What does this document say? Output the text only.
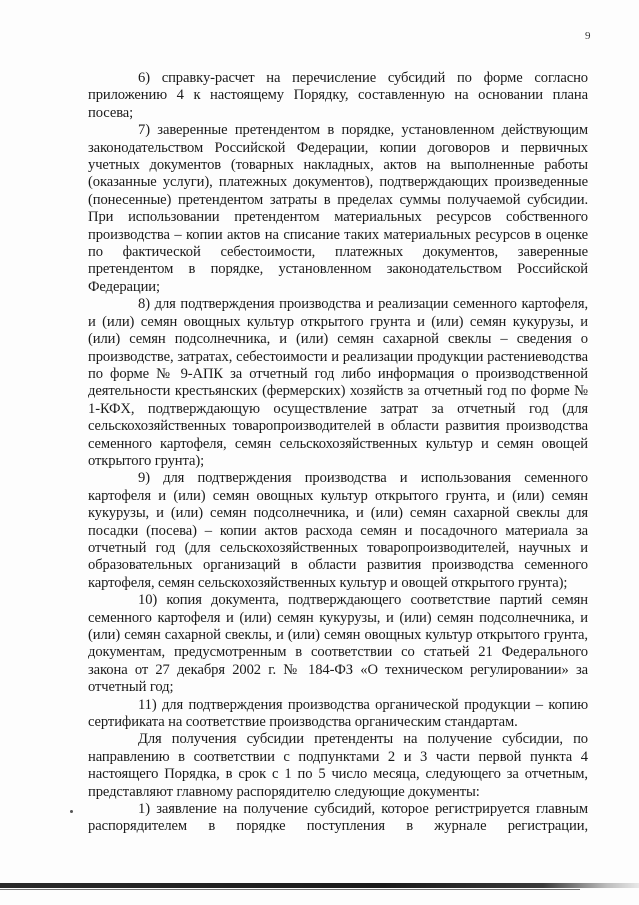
9

6) справку-расчет на перечисление субсидий по форме согласно приложению 4 к настоящему Порядку, составленную на основании плана посева;

7) заверенные претендентом в порядке, установленном действующим законодательством Российской Федерации, копии договоров и первичных учетных документов (товарных накладных, актов на выполненные работы (оказанные услуги), платежных документов), подтверждающих произведенные (понесенные) претендентом затраты в пределах суммы получаемой субсидии. При использовании претендентом материальных ресурсов собственного производства – копии актов на списание таких материальных ресурсов в оценке по фактической себестоимости, платежных документов, заверенные претендентом в порядке, установленном законодательством Российской Федерации;

8) для подтверждения производства и реализации семенного картофеля, и (или) семян овощных культур открытого грунта и (или) семян кукурузы, и (или) семян подсолнечника, и (или) семян сахарной свеклы – сведения о производстве, затратах, себестоимости и реализации продукции растениеводства по форме № 9-АПК за отчетный год либо информация о производственной деятельности крестьянских (фермерских) хозяйств за отчетный год по форме № 1-КФХ, подтверждающую осуществление затрат за отчетный год (для сельскохозяйственных товаропроизводителей в области развития производства семенного картофеля, семян сельскохозяйственных культур и семян овощей открытого грунта);

9) для подтверждения производства и использования семенного картофеля и (или) семян овощных культур открытого грунта, и (или) семян кукурузы, и (или) семян подсолнечника, и (или) семян сахарной свеклы для посадки (посева) – копии актов расхода семян и посадочного материала за отчетный год (для сельскохозяйственных товаропроизводителей, научных и образовательных организаций в области развития производства семенного картофеля, семян сельскохозяйственных культур и овощей открытого грунта);

10) копия документа, подтверждающего соответствие партий семян семенного картофеля и (или) семян кукурузы, и (или) семян подсолнечника, и (или) семян сахарной свеклы, и (или) семян овощных культур открытого грунта, документам, предусмотренным в соответствии со статьей 21 Федерального закона от 27 декабря 2002 г. № 184-ФЗ «О техническом регулировании» за отчетный год;

11) для подтверждения производства органической продукции – копию сертификата на соответствие производства органическим стандартам.

Для получения субсидии претенденты на получение субсидии, по направлению в соответствии с подпунктами 2 и 3 части первой пункта 4 настоящего Порядка, в срок с 1 по 5 число месяца, следующего за отчетным, представляют главному распорядителю следующие документы:

1) заявление на получение субсидий, которое регистрируется главным распорядителем в порядке поступления в журнале регистрации,
